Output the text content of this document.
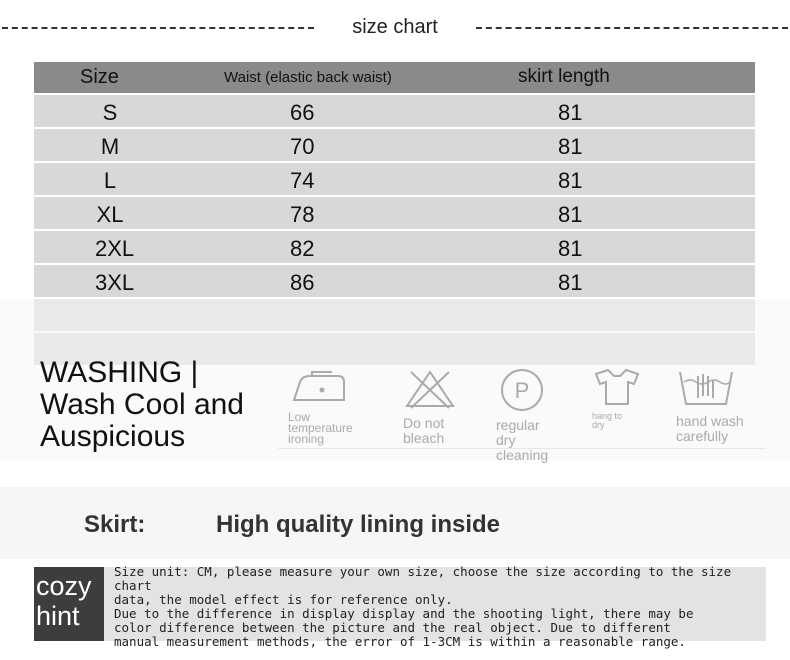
size chart
Size	Waist (elastic back waist)	skirt length
S	66	81
M	70	81
L	74	81
XL	78	81
2XL	82	81
3XL	86	81
WASHING |
Wash Cool and
Auspicious
Low
temperature
ironing
Do not
bleach
P
regular
dry
cleaning
hang to
dry	hand wash
carefully
Skirt:	High quality lining inside
cozy
hint

Size unit: CM, please measure your own size, choose the size according to the size chart
data, the model effect is for reference only.
Due to the difference in display display and the shooting light, there may be
color difference between the picture and the real object. Due to different
manual measurement methods, the error of 1-3CM is within a reasonable range.
